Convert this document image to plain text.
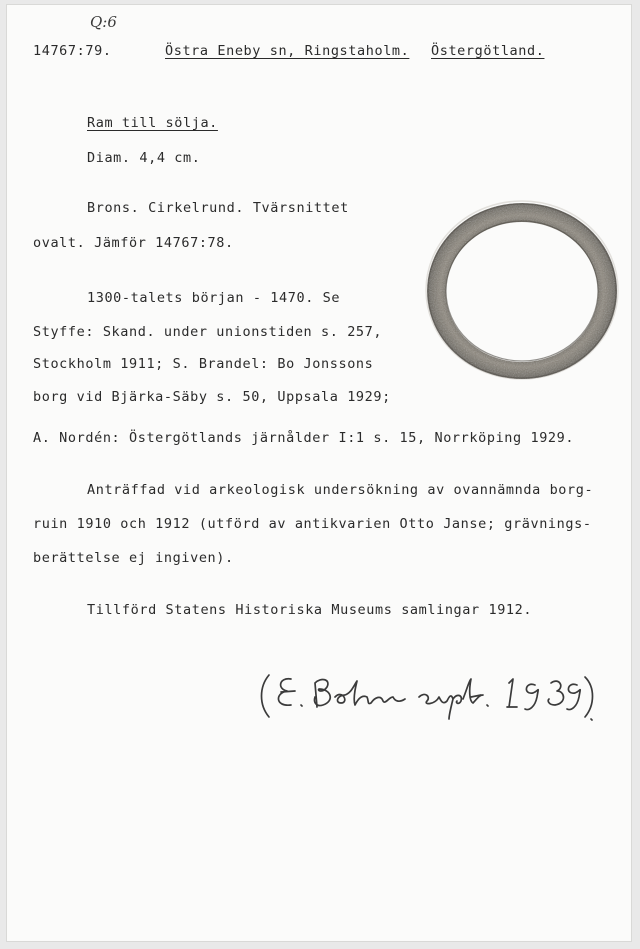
Q:6
14767:79.	Östra Eneby sn, Ringstaholm. Östergötland.
Ram till sölja.
Diam. 4,4 cm.
Brons. Cirkelrund. Tvärsnittet
ovalt. Jämför 14767:78.
1300-talets början - 1470. Se
Styffe: Skand. under unionstiden s. 257,
Stockholm 1911; S. Brandel: Bo Jonssons
borg vid Bjärka-Säby s. 50, Uppsala 1929;
A. Nordén: Östergötlands järnålder I:1 s. 15, Norrköping 1929.
Anträffad vid arkeologisk undersökning av ovannämnda borg-
ruin 1910 och 1912 (utförd av antikvarien Otto Janse; grävnings-
berättelse ej ingiven).
Tillförd Statens Historiska Museums samlingar 1912.
(E. Bohm sept. 1939).
